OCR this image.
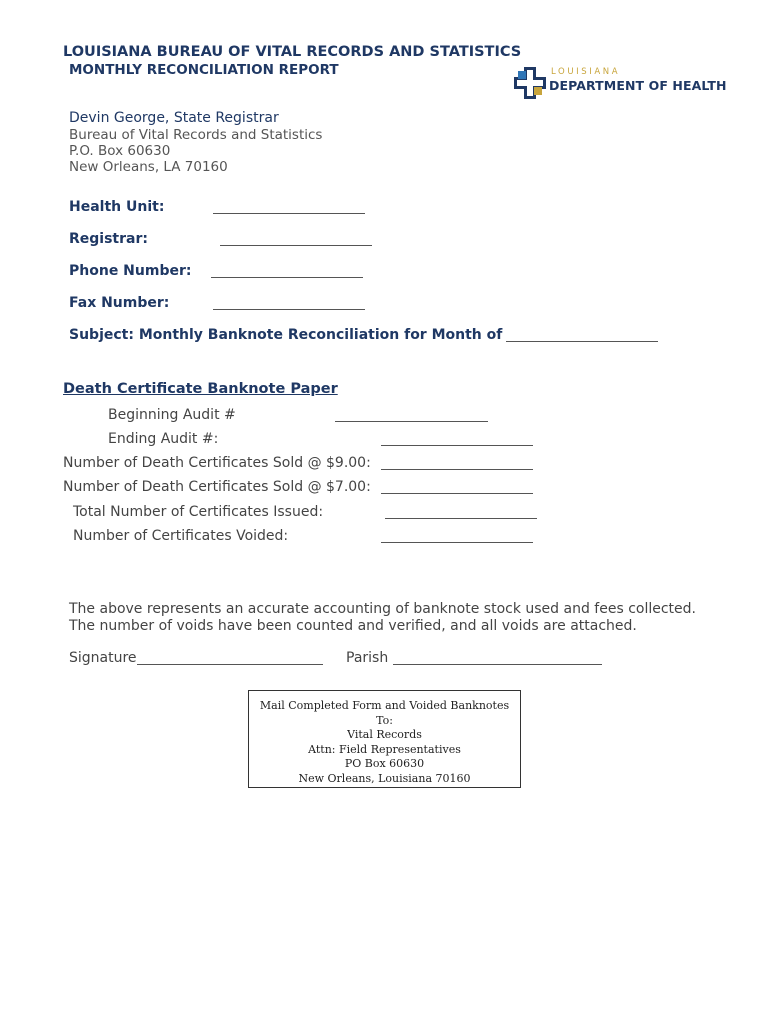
LOUISIANA BUREAU OF VITAL RECORDS AND STATISTICS
MONTHLY RECONCILIATION REPORT	LOUISIANA
DEPARTMENT OF HEALTH
Devin George, State Registrar
Bureau of Vital Records and Statistics
P.O. Box 60630
New Orleans, LA 70160
Health Unit:
Registrar:
Phone Number:
Fax Number:
Subject: Monthly Banknote Reconciliation for Month of
Death Certificate Banknote Paper
Beginning Audit #
Ending Audit #:
Number of Death Certificates Sold @ $9.00:
Number of Death Certificates Sold @ $7.00:
Total Number of Certificates Issued:
Number of Certificates Voided:
The above represents an accurate accounting of banknote stock used and fees collected.
The number of voids have been counted and verified, and all voids are attached.
Signature	Parish
Mail Completed Form and Voided Banknotes
To:
Vital Records
Attn: Field Representatives
PO Box 60630
New Orleans, Louisiana 70160
